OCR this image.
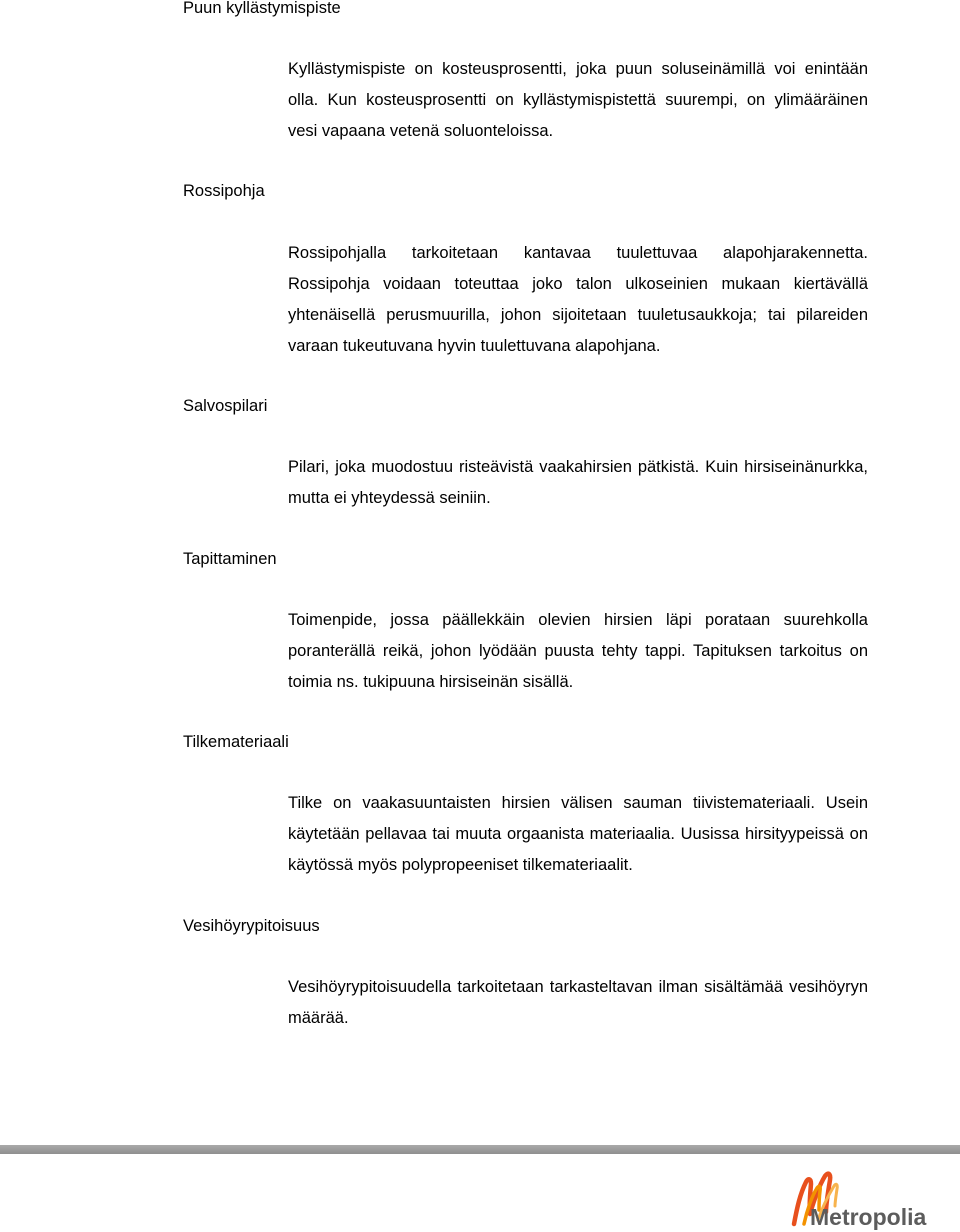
Puun kyllästymispiste
Kyllästymispiste on kosteusprosentti, joka puun soluseinämillä voi enintään olla. Kun kosteusprosentti on kyllästymispistettä suurempi, on ylimääräinen vesi vapaana vetenä soluonteloissa.
Rossipohja
Rossipohjalla tarkoitetaan kantavaa tuulettuvaa alapohjarakennetta. Rossipohja voidaan toteuttaa joko talon ulkoseinien mukaan kiertävällä yhtenäisellä perusmuurilla, johon sijoitetaan tuuletusaukkoja; tai pilareiden varaan tukeutuvana hyvin tuulettuvana alapohjana.
Salvospilari
Pilari, joka muodostuu risteävistä vaakahirsien pätkistä. Kuin hirsiseinänurkka, mutta ei yhteydessä seiniin.
Tapittaminen
Toimenpide, jossa päällekkäin olevien hirsien läpi porataan suurehkolla poranterällä reikä, johon lyödään puusta tehty tappi. Tapituksen tarkoitus on toimia ns. tukipuuna hirsiseinän sisällä.
Tilkemateriaali
Tilke on vaakasuuntaisten hirsien välisen sauman tiivistemateriaali. Usein käytetään pellavaa tai muuta orgaanista materiaalia. Uusissa hirsityypeissä on käytössä myös polypropeeniset tilkemateriaalit.
Vesihöyrypitoisuus
Vesihöyrypitoisuudella tarkoitetaan tarkasteltavan ilman sisältämää vesihöyryn määrää.
Metropolia
